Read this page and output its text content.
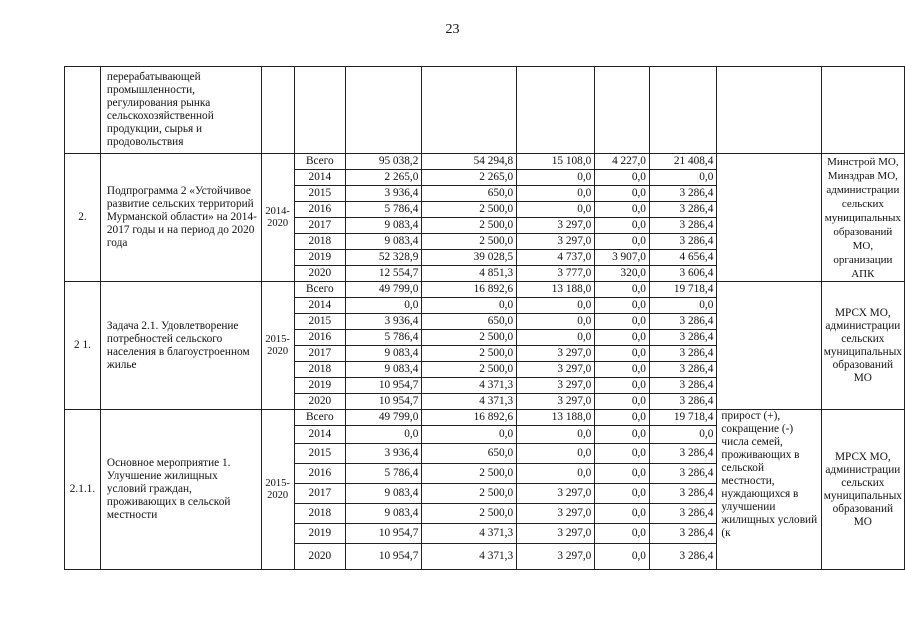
23
	перерабатывающей промышленности, регулирования рынка сельскохозяйственной продукции, сырья и продовольствия									
2.	Подпрограмма 2 «Устойчивое развитие сельских территорий Мурманской области» на 2014-2017 годы и на период до 2020 года	2014-2020	Всего	95 038,2	54 294,8	15 108,0	4 227,0	21 408,4		Минстрой МО, Минздрав МО, администрации сельских муниципальных образований МО, организации АПК
			2014	2 265,0	2 265,0	0,0	0,0	0,0		
			2015	3 936,4	650,0	0,0	0,0	3 286,4		
			2016	5 786,4	2 500,0	0,0	0,0	3 286,4		
			2017	9 083,4	2 500,0	3 297,0	0,0	3 286,4		
			2018	9 083,4	2 500,0	3 297,0	0,0	3 286,4		
			2019	52 328,9	39 028,5	4 737,0	3 907,0	4 656,4		
			2020	12 554,7	4 851,3	3 777,0	320,0	3 606,4		
2 1.	Задача 2.1. Удовлетворение потребностей сельского населения в благоустроенном жилье	2015-2020	Всего	49 799,0	16 892,6	13 188,0	0,0	19 718,4		МРСХ МО, администрации сельских муниципальных образований МО
			2014	0,0	0,0	0,0	0,0	0,0		
			2015	3 936,4	650,0	0,0	0,0	3 286,4		
			2016	5 786,4	2 500,0	0,0	0,0	3 286,4		
			2017	9 083,4	2 500,0	3 297,0	0,0	3 286,4		
			2018	9 083,4	2 500,0	3 297,0	0,0	3 286,4		
			2019	10 954,7	4 371,3	3 297,0	0,0	3 286,4		
			2020	10 954,7	4 371,3	3 297,0	0,0	3 286,4		
2.1.1.	Основное мероприятие 1. Улучшение жилищных условий граждан, проживающих в сельской местности	2015-2020	Всего	49 799,0	16 892,6	13 188,0	0,0	19 718,4	прирост (+), сокращение (-) числа семей, проживающих в сельской местности, нуждающихся в улучшении жилищных условий (к	МРСХ МО, администрации сельских муниципальных образований МО
			2014	0,0	0,0	0,0	0,0	0,0		
			2015	3 936,4	650,0	0,0	0,0	3 286,4		
			2016	5 786,4	2 500,0	0,0	0,0	3 286,4		
			2017	9 083,4	2 500,0	3 297,0	0,0	3 286,4		
			2018	9 083,4	2 500,0	3 297,0	0,0	3 286,4		
			2019	10 954,7	4 371,3	3 297,0	0,0	3 286,4		
			2020	10 954,7	4 371,3	3 297,0	0,0	3 286,4		
